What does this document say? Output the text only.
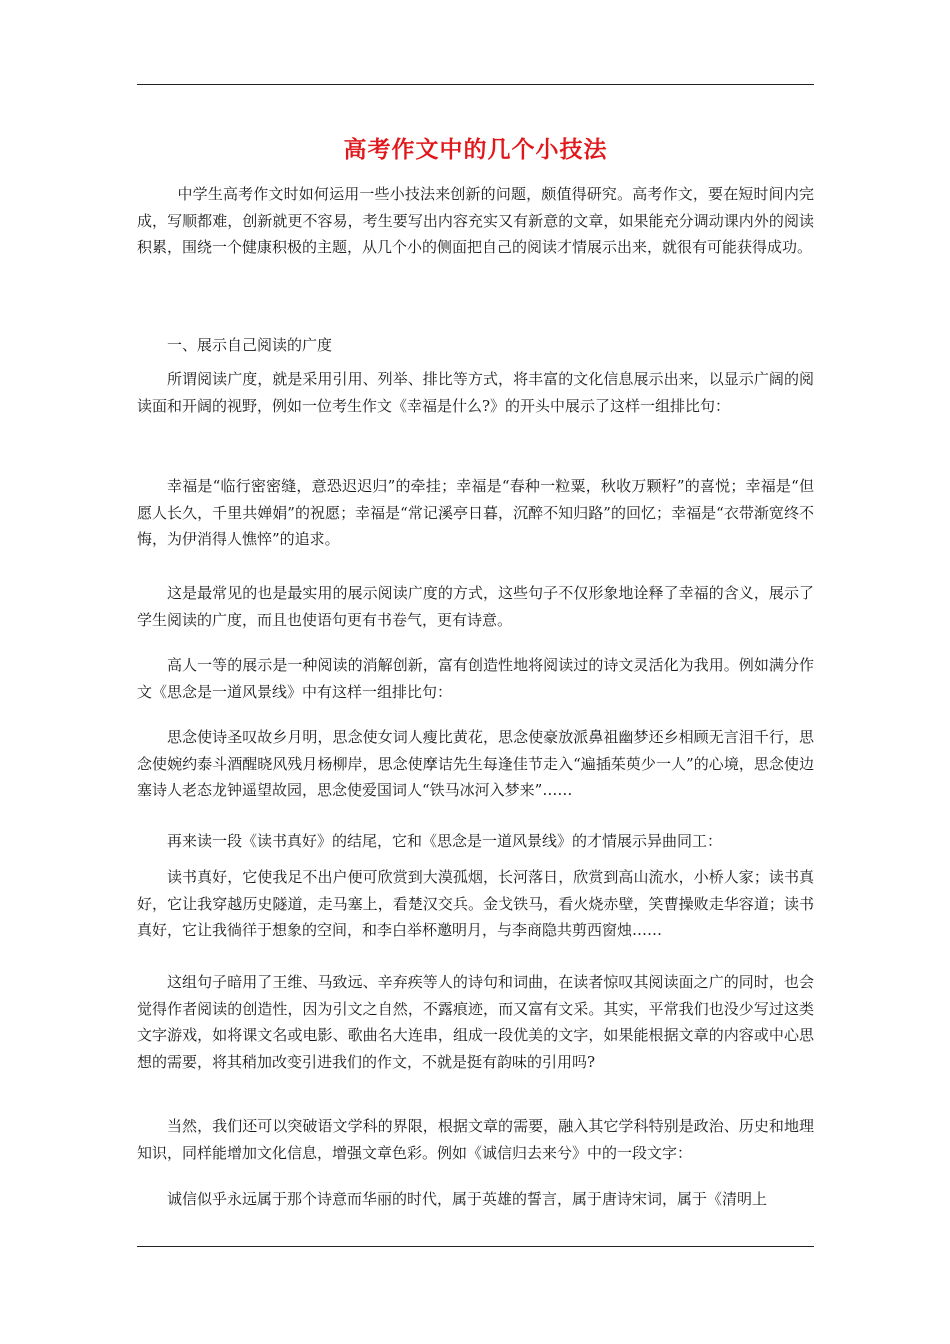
高考作文中的几个小技法

中学生高考作文时如何运用一些小技法来创新的问题，颇值得研究。高考作文，要在短时间内完成，写顺都难，创新就更不容易，考生要写出内容充实又有新意的文章，如果能充分调动课内外的阅读积累，围绕一个健康积极的主题，从几个小的侧面把自己的阅读才情展示出来，就很有可能获得成功。

一、展示自己阅读的广度

所谓阅读广度，就是采用引用、列举、排比等方式，将丰富的文化信息展示出来，以显示广阔的阅读面和开阔的视野，例如一位考生作文《幸福是什么?》的开头中展示了这样一组排比句：

幸福是“临行密密缝，意恐迟迟归”的牵挂；幸福是“春种一粒粟，秋收万颗籽”的喜悦；幸福是“但愿人长久，千里共婵娟”的祝愿；幸福是“常记溪亭日暮，沉醉不知归路”的回忆；幸福是“衣带渐宽终不悔，为伊消得人憔悴”的追求。

这是最常见的也是最实用的展示阅读广度的方式，这些句子不仅形象地诠释了幸福的含义，展示了学生阅读的广度，而且也使语句更有书卷气，更有诗意。

高人一等的展示是一种阅读的消解创新，富有创造性地将阅读过的诗文灵活化为我用。例如满分作文《思念是一道风景线》中有这样一组排比句：

思念使诗圣叹故乡月明，思念使女词人瘦比黄花，思念使豪放派鼻祖幽梦还乡相顾无言泪千行，思念使婉约泰斗酒醒晓风残月杨柳岸，思念使摩诘先生每逢佳节走入“遍插茱萸少一人”的心境，思念使边塞诗人老态龙钟遥望故园，思念使爱国词人“铁马冰河入梦来”……

再来读一段《读书真好》的结尾，它和《思念是一道风景线》的才情展示异曲同工：

读书真好，它使我足不出户便可欣赏到大漠孤烟，长河落日，欣赏到高山流水，小桥人家；读书真好，它让我穿越历史隧道，走马塞上，看楚汉交兵。金戈铁马，看火烧赤壁，笑曹操败走华容道；读书真好，它让我徜徉于想象的空间，和李白举杯邀明月，与李商隐共剪西窗烛……

这组句子暗用了王维、马致远、辛弃疾等人的诗句和词曲，在读者惊叹其阅读面之广的同时，也会觉得作者阅读的创造性，因为引文之自然，不露痕迹，而又富有文采。其实，平常我们也没少写过这类文字游戏，如将课文名或电影、歌曲名大连串，组成一段优美的文字，如果能根据文章的内容或中心思想的需要，将其稍加改变引进我们的作文，不就是挺有韵味的引用吗?

当然，我们还可以突破语文学科的界限，根据文章的需要，融入其它学科特别是政治、历史和地理知识，同样能增加文化信息，增强文章色彩。例如《诚信归去来兮》中的一段文字：

诚信似乎永远属于那个诗意而华丽的时代，属于英雄的誓言，属于唐诗宋词，属于《清明上
